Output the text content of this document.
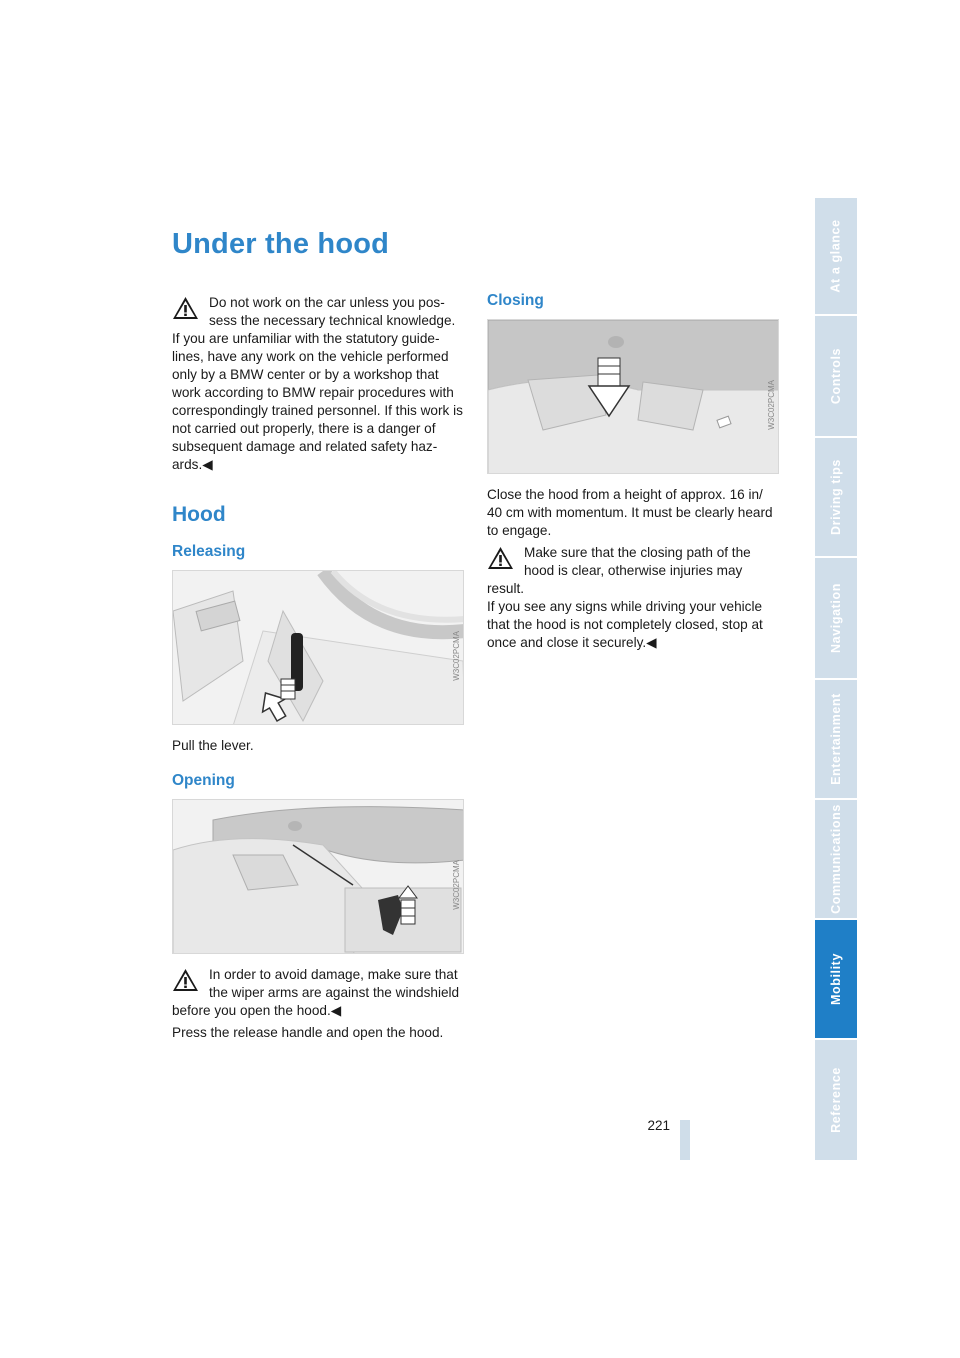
Under the hood
Do not work on the car unless you pos-
sess the necessary technical knowledge.
If you are unfamiliar with the statutory guide-lines, have any work on the vehicle performed only by a BMW center or by a workshop that work according to BMW repair procedures with correspondingly trained personnel. If this work is not carried out properly, there is a danger of subsequent damage and related safety haz-ards.◀
Hood
Releasing
W3C02PCMA

Pull the lever.

Opening
W3C02PCMA
In order to avoid damage, make sure that
the wiper arms are against the windshield
before you open the hood.◀

Press the release handle and open the hood.

Closing
W3C02PCMA

Close the hood from a height of approx. 16 in/ 40 cm with momentum. It must be clearly heard to engage.

Make sure that the closing path of the
hood is clear, otherwise injuries may
result.
If you see any signs while driving your vehicle that the hood is not completely closed, stop at once and close it securely.◀
At a glance
Controls
Driving tips
Navigation
Entertainment
Communications
Mobility
Reference
221
